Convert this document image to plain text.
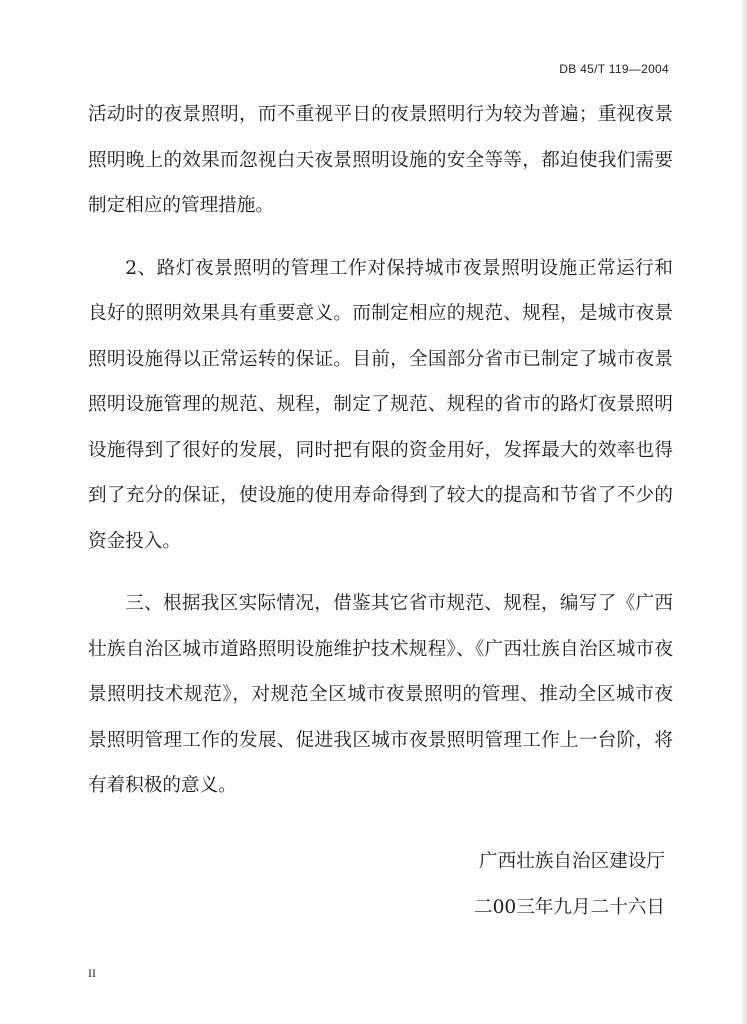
DB 45/T 119—2004

活动时的夜景照明，而不重视平日的夜景照明行为较为普遍；重视夜景照明晚上的效果而忽视白天夜景照明设施的安全等等，都迫使我们需要制定相应的管理措施。

2、路灯夜景照明的管理工作对保持城市夜景照明设施正常运行和良好的照明效果具有重要意义。而制定相应的规范、规程，是城市夜景照明设施得以正常运转的保证。目前，全国部分省市已制定了城市夜景照明设施管理的规范、规程，制定了规范、规程的省市的路灯夜景照明设施得到了很好的发展，同时把有限的资金用好，发挥最大的效率也得到了充分的保证，使设施的使用寿命得到了较大的提高和节省了不少的资金投入。

三、根据我区实际情况，借鉴其它省市规范、规程，编写了《广西壮族自治区城市道路照明设施维护技术规程》、《广西壮族自治区城市夜景照明技术规范》，对规范全区城市夜景照明的管理、推动全区城市夜景照明管理工作的发展、促进我区城市夜景照明管理工作上一台阶，将有着积极的意义。

广西壮族自治区建设厅
二00三年九月二十六日
II
